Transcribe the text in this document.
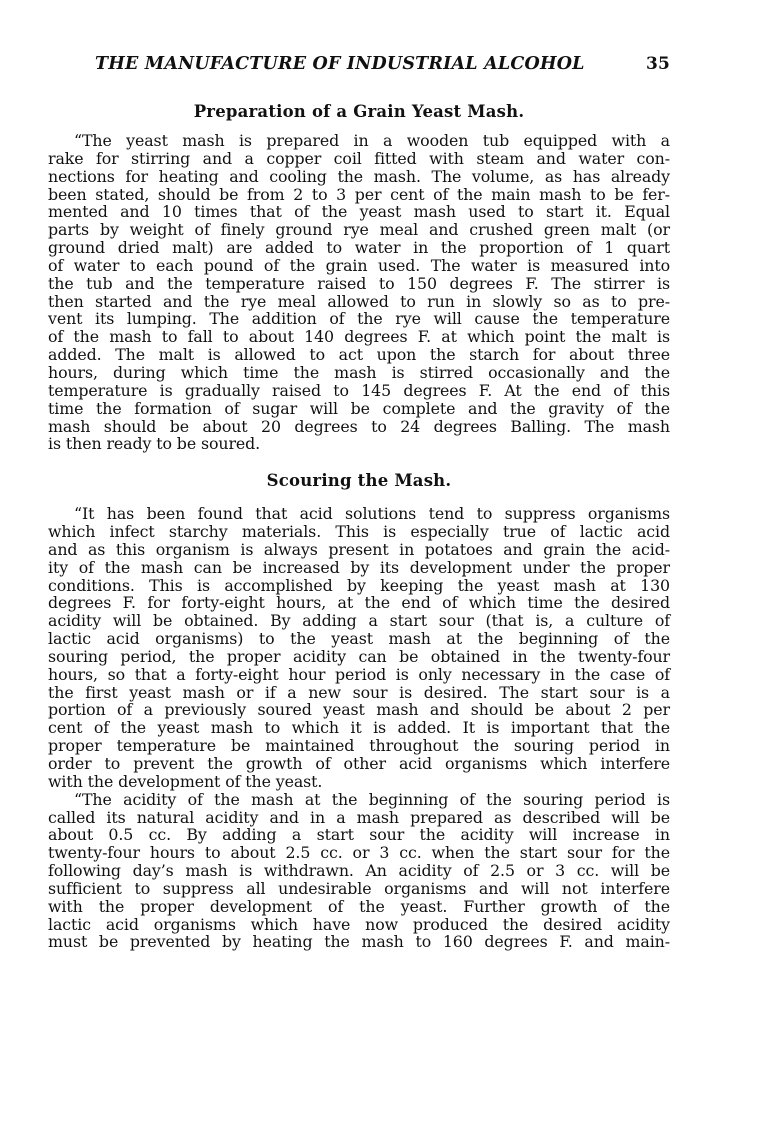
THE MANUFACTURE OF INDUSTRIAL ALCOHOL	35
Preparation of a Grain Yeast Mash.
“The yeast mash is prepared in a wooden tub equipped with a
rake for stirring and a copper coil fitted with steam and water con-
nections for heating and cooling the mash. The volume, as has already
been stated, should be from 2 to 3 per cent of the main mash to be fer-
mented and 10 times that of the yeast mash used to start it. Equal
parts by weight of finely ground rye meal and crushed green malt (or
ground dried malt) are added to water in the proportion of 1 quart
of water to each pound of the grain used. The water is measured into
the tub and the temperature raised to 150 degrees F. The stirrer is
then started and the rye meal allowed to run in slowly so as to pre-
vent its lumping. The addition of the rye will cause the temperature
of the mash to fall to about 140 degrees F. at which point the malt is
added. The malt is allowed to act upon the starch for about three
hours, during which time the mash is stirred occasionally and the
temperature is gradually raised to 145 degrees F. At the end of this
time the formation of sugar will be complete and the gravity of the
mash should be about 20 degrees to 24 degrees Balling. The mash
is then ready to be soured.
Scouring the Mash.
“It has been found that acid solutions tend to suppress organisms
which infect starchy materials. This is especially true of lactic acid
and as this organism is always present in potatoes and grain the acid-
ity of the mash can be increased by its development under the proper
conditions. This is accomplished by keeping the yeast mash at 130
degrees F. for forty-eight hours, at the end of which time the desired
acidity will be obtained. By adding a start sour (that is, a culture of
lactic acid organisms) to the yeast mash at the beginning of the
souring period, the proper acidity can be obtained in the twenty-four
hours, so that a forty-eight hour period is only necessary in the case of
the first yeast mash or if a new sour is desired. The start sour is a
portion of a previously soured yeast mash and should be about 2 per
cent of the yeast mash to which it is added. It is important that the
proper temperature be maintained throughout the souring period in
order to prevent the growth of other acid organisms which interfere
with the development of the yeast.
“The acidity of the mash at the beginning of the souring period is
called its natural acidity and in a mash prepared as described will be
about 0.5 cc. By adding a start sour the acidity will increase in
twenty-four hours to about 2.5 cc. or 3 cc. when the start sour for the
following day’s mash is withdrawn. An acidity of 2.5 or 3 cc. will be
sufficient to suppress all undesirable organisms and will not interfere
with the proper development of the yeast. Further growth of the
lactic acid organisms which have now produced the desired acidity
must be prevented by heating the mash to 160 degrees F. and main-
